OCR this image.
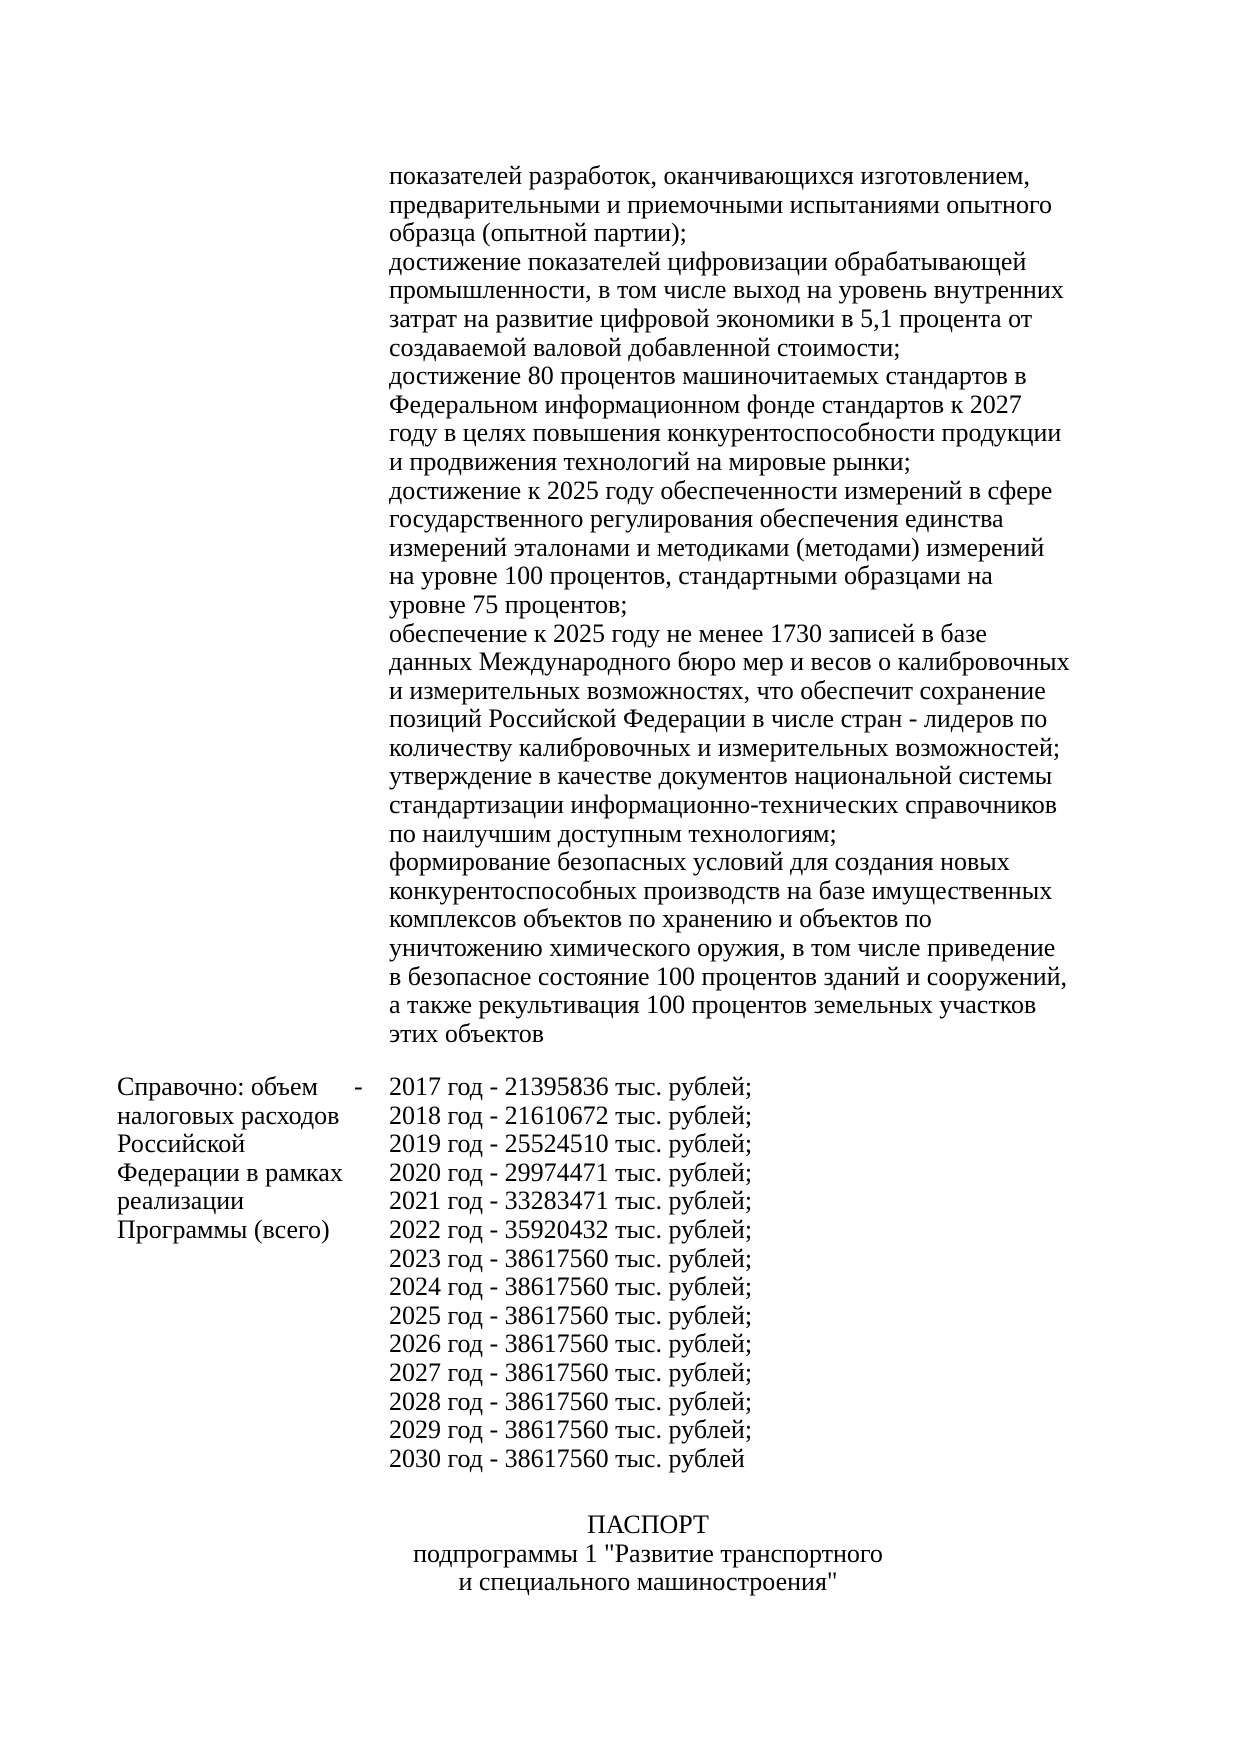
показателей разработок, оканчивающихся изготовлением,
предварительными и приемочными испытаниями опытного
образца (опытной партии);
достижение показателей цифровизации обрабатывающей
промышленности, в том числе выход на уровень внутренних
затрат на развитие цифровой экономики в 5,1 процента от
создаваемой валовой добавленной стоимости;
достижение 80 процентов машиночитаемых стандартов в
Федеральном информационном фонде стандартов к 2027
году в целях повышения конкурентоспособности продукции
и продвижения технологий на мировые рынки;
достижение к 2025 году обеспеченности измерений в сфере
государственного регулирования обеспечения единства
измерений эталонами и методиками (методами) измерений
на уровне 100 процентов, стандартными образцами на
уровне 75 процентов;
обеспечение к 2025 году не менее 1730 записей в базе
данных Международного бюро мер и весов о калибровочных
и измерительных возможностях, что обеспечит сохранение
позиций Российской Федерации в числе стран - лидеров по
количеству калибровочных и измерительных возможностей;
утверждение в качестве документов национальной системы
стандартизации информационно-технических справочников
по наилучшим доступным технологиям;
формирование безопасных условий для создания новых
конкурентоспособных производств на базе имущественных
комплексов объектов по хранению и объектов по
уничтожению химического оружия, в том числе приведение
в безопасное состояние 100 процентов зданий и сооружений,
а также рекультивация 100 процентов земельных участков
этих объектов
Справочно: объем
налоговых расходов
Российской
Федерации в рамках
реализации
Программы (всего)
- 2017 год - 21395836 тыс. рублей;
2018 год - 21610672 тыс. рублей;
2019 год - 25524510 тыс. рублей;
2020 год - 29974471 тыс. рублей;
2021 год - 33283471 тыс. рублей;
2022 год - 35920432 тыс. рублей;
2023 год - 38617560 тыс. рублей;
2024 год - 38617560 тыс. рублей;
2025 год - 38617560 тыс. рублей;
2026 год - 38617560 тыс. рублей;
2027 год - 38617560 тыс. рублей;
2028 год - 38617560 тыс. рублей;
2029 год - 38617560 тыс. рублей;
2030 год - 38617560 тыс. рублей
ПАСПОРТ
подпрограммы 1 "Развитие транспортного
и специального машиностроения"
